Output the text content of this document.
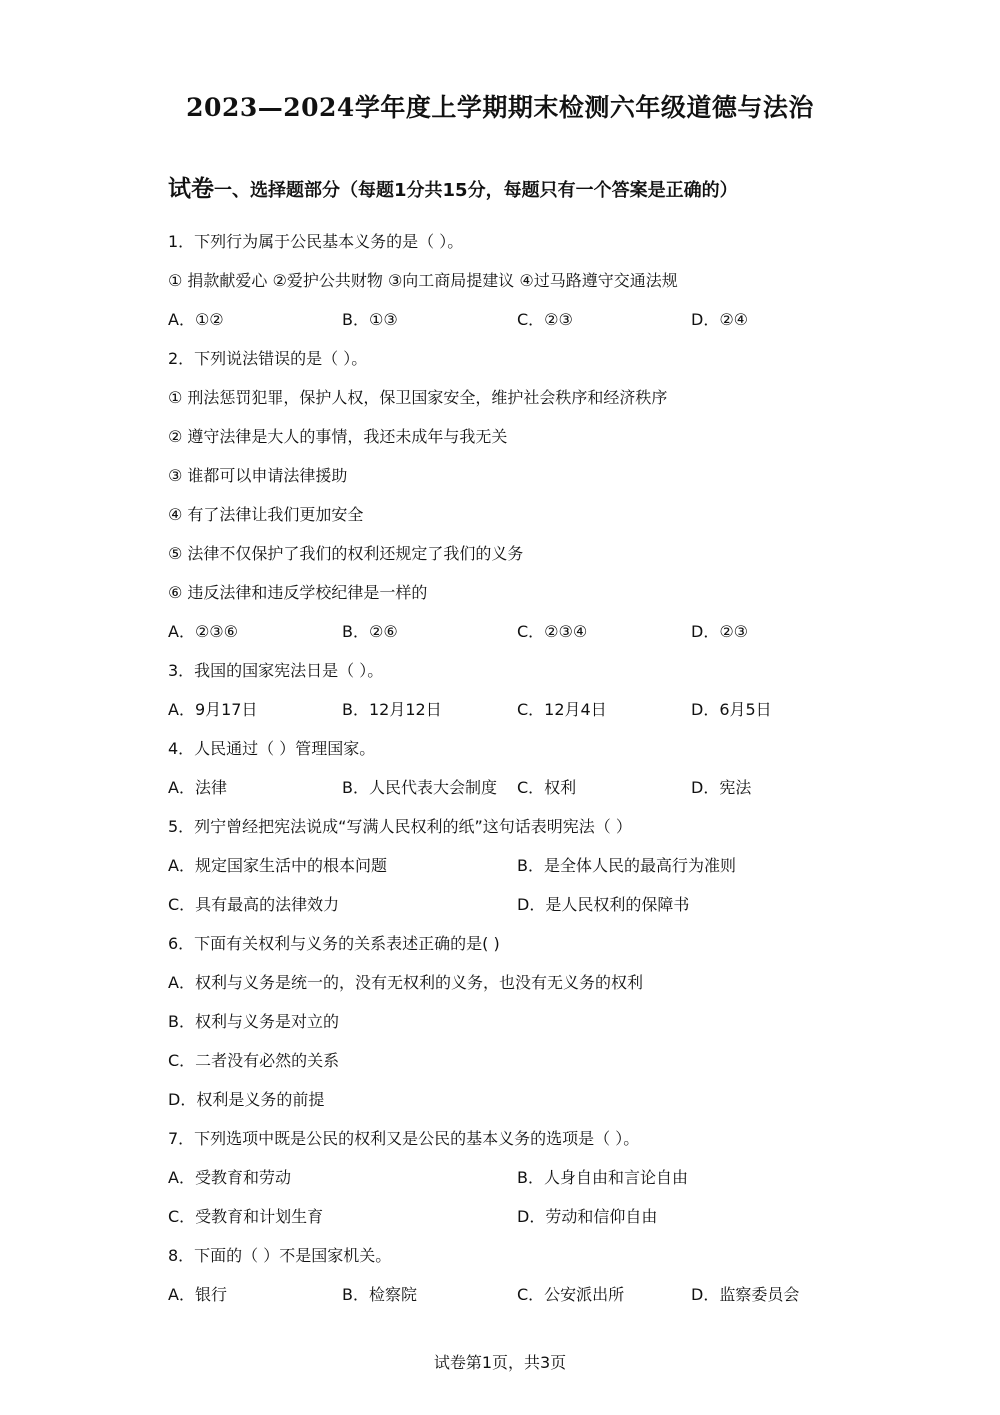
2023—2024学年度上学期期末检测六年级道德与法治
试卷一、选择题部分（每题1分共15分，每题只有一个答案是正确的）
1．下列行为属于公民基本义务的是（ ）。
① 捐款献爱心 ②爱护公共财物 ③向工商局提建议 ④过马路遵守交通法规
A．①②	B．①③	C．②③	D．②④
2．下列说法错误的是（ ）。
① 刑法惩罚犯罪，保护人权，保卫国家安全，维护社会秩序和经济秩序
② 遵守法律是大人的事情，我还未成年与我无关
③ 谁都可以申请法律援助
④ 有了法律让我们更加安全
⑤ 法律不仅保护了我们的权利还规定了我们的义务
⑥ 违反法律和违反学校纪律是一样的
A．②③⑥	B．②⑥	C．②③④	D．②③
3．我国的国家宪法日是（ ）。
A．9月17日	B．12月12日	C．12月4日	D．6月5日
4．人民通过（ ）管理国家。
A．法律	B．人民代表大会制度 C．权利	D．宪法
5．列宁曾经把宪法说成“写满人民权利的纸”这句话表明宪法（ ）
A．规定国家生活中的根本问题	B．是全体人民的最高行为准则
C．具有最高的法律效力	D．是人民权利的保障书
6．下面有关权利与义务的关系表述正确的是( )
A．权利与义务是统一的，没有无权利的义务，也没有无义务的权利
B．权利与义务是对立的
C．二者没有必然的关系
D．权利是义务的前提
7．下列选项中既是公民的权利又是公民的基本义务的选项是（ ）。
A．受教育和劳动	B．人身自由和言论自由
C．受教育和计划生育	D．劳动和信仰自由
8．下面的（ ）不是国家机关。
A．银行	B．检察院	C．公安派出所	D．监察委员会
试卷第1页，共3页
